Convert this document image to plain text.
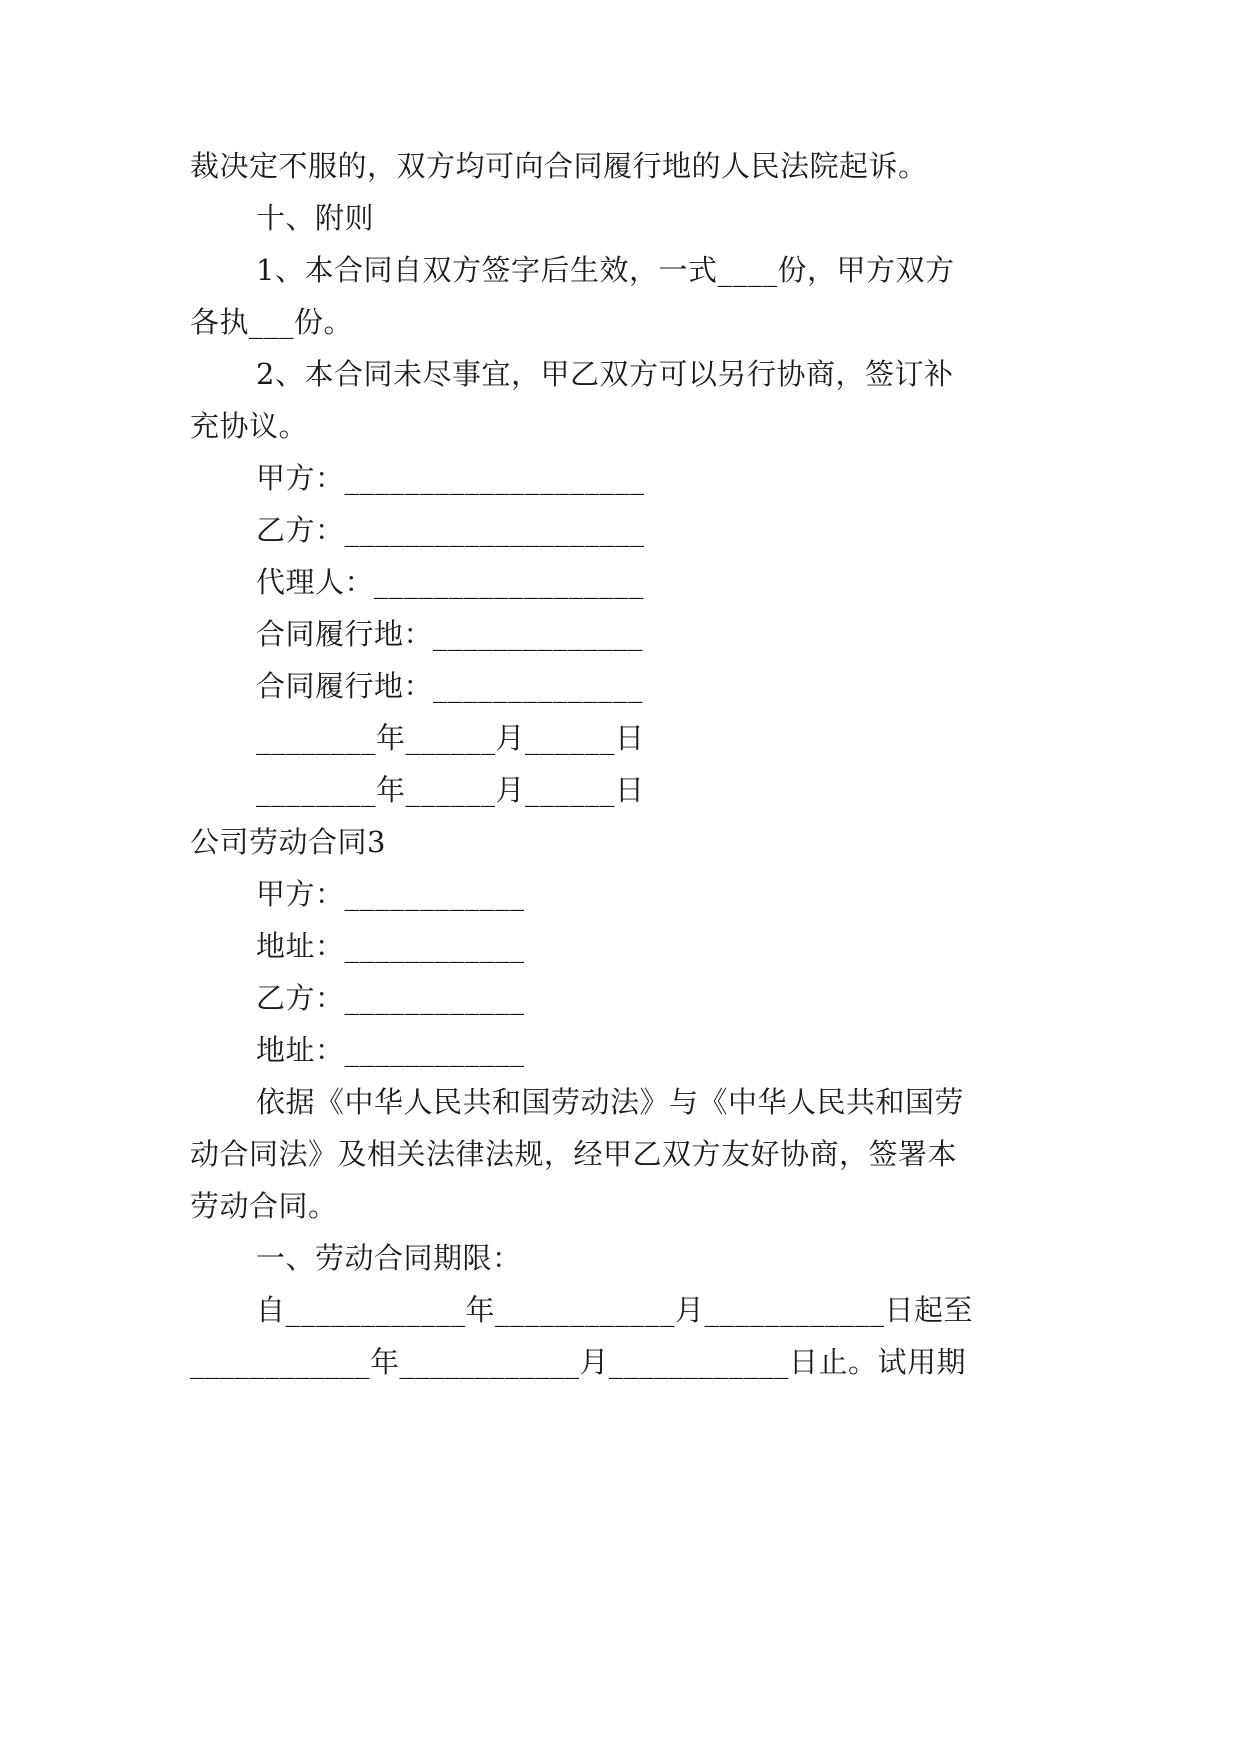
裁决定不服的，双方均可向合同履行地的人民法院起诉。
十、附则
1、本合同自双方签字后生效，一式____份，甲方双方
各执___份。
2、本合同未尽事宜，甲乙双方可以另行协商，签订补
充协议。
甲方：____________________
乙方：____________________
代理人：__________________
合同履行地：______________
合同履行地：______________
________年______月______日
________年______月______日
公司劳动合同3
甲方：____________
地址：____________
乙方：____________
地址：____________
依据《中华人民共和国劳动法》与《中华人民共和国劳
动合同法》及相关法律法规，经甲乙双方友好协商，签署本
劳动合同。
一、劳动合同期限：
自____________年____________月____________日起至
____________年____________月____________日止。试用期
